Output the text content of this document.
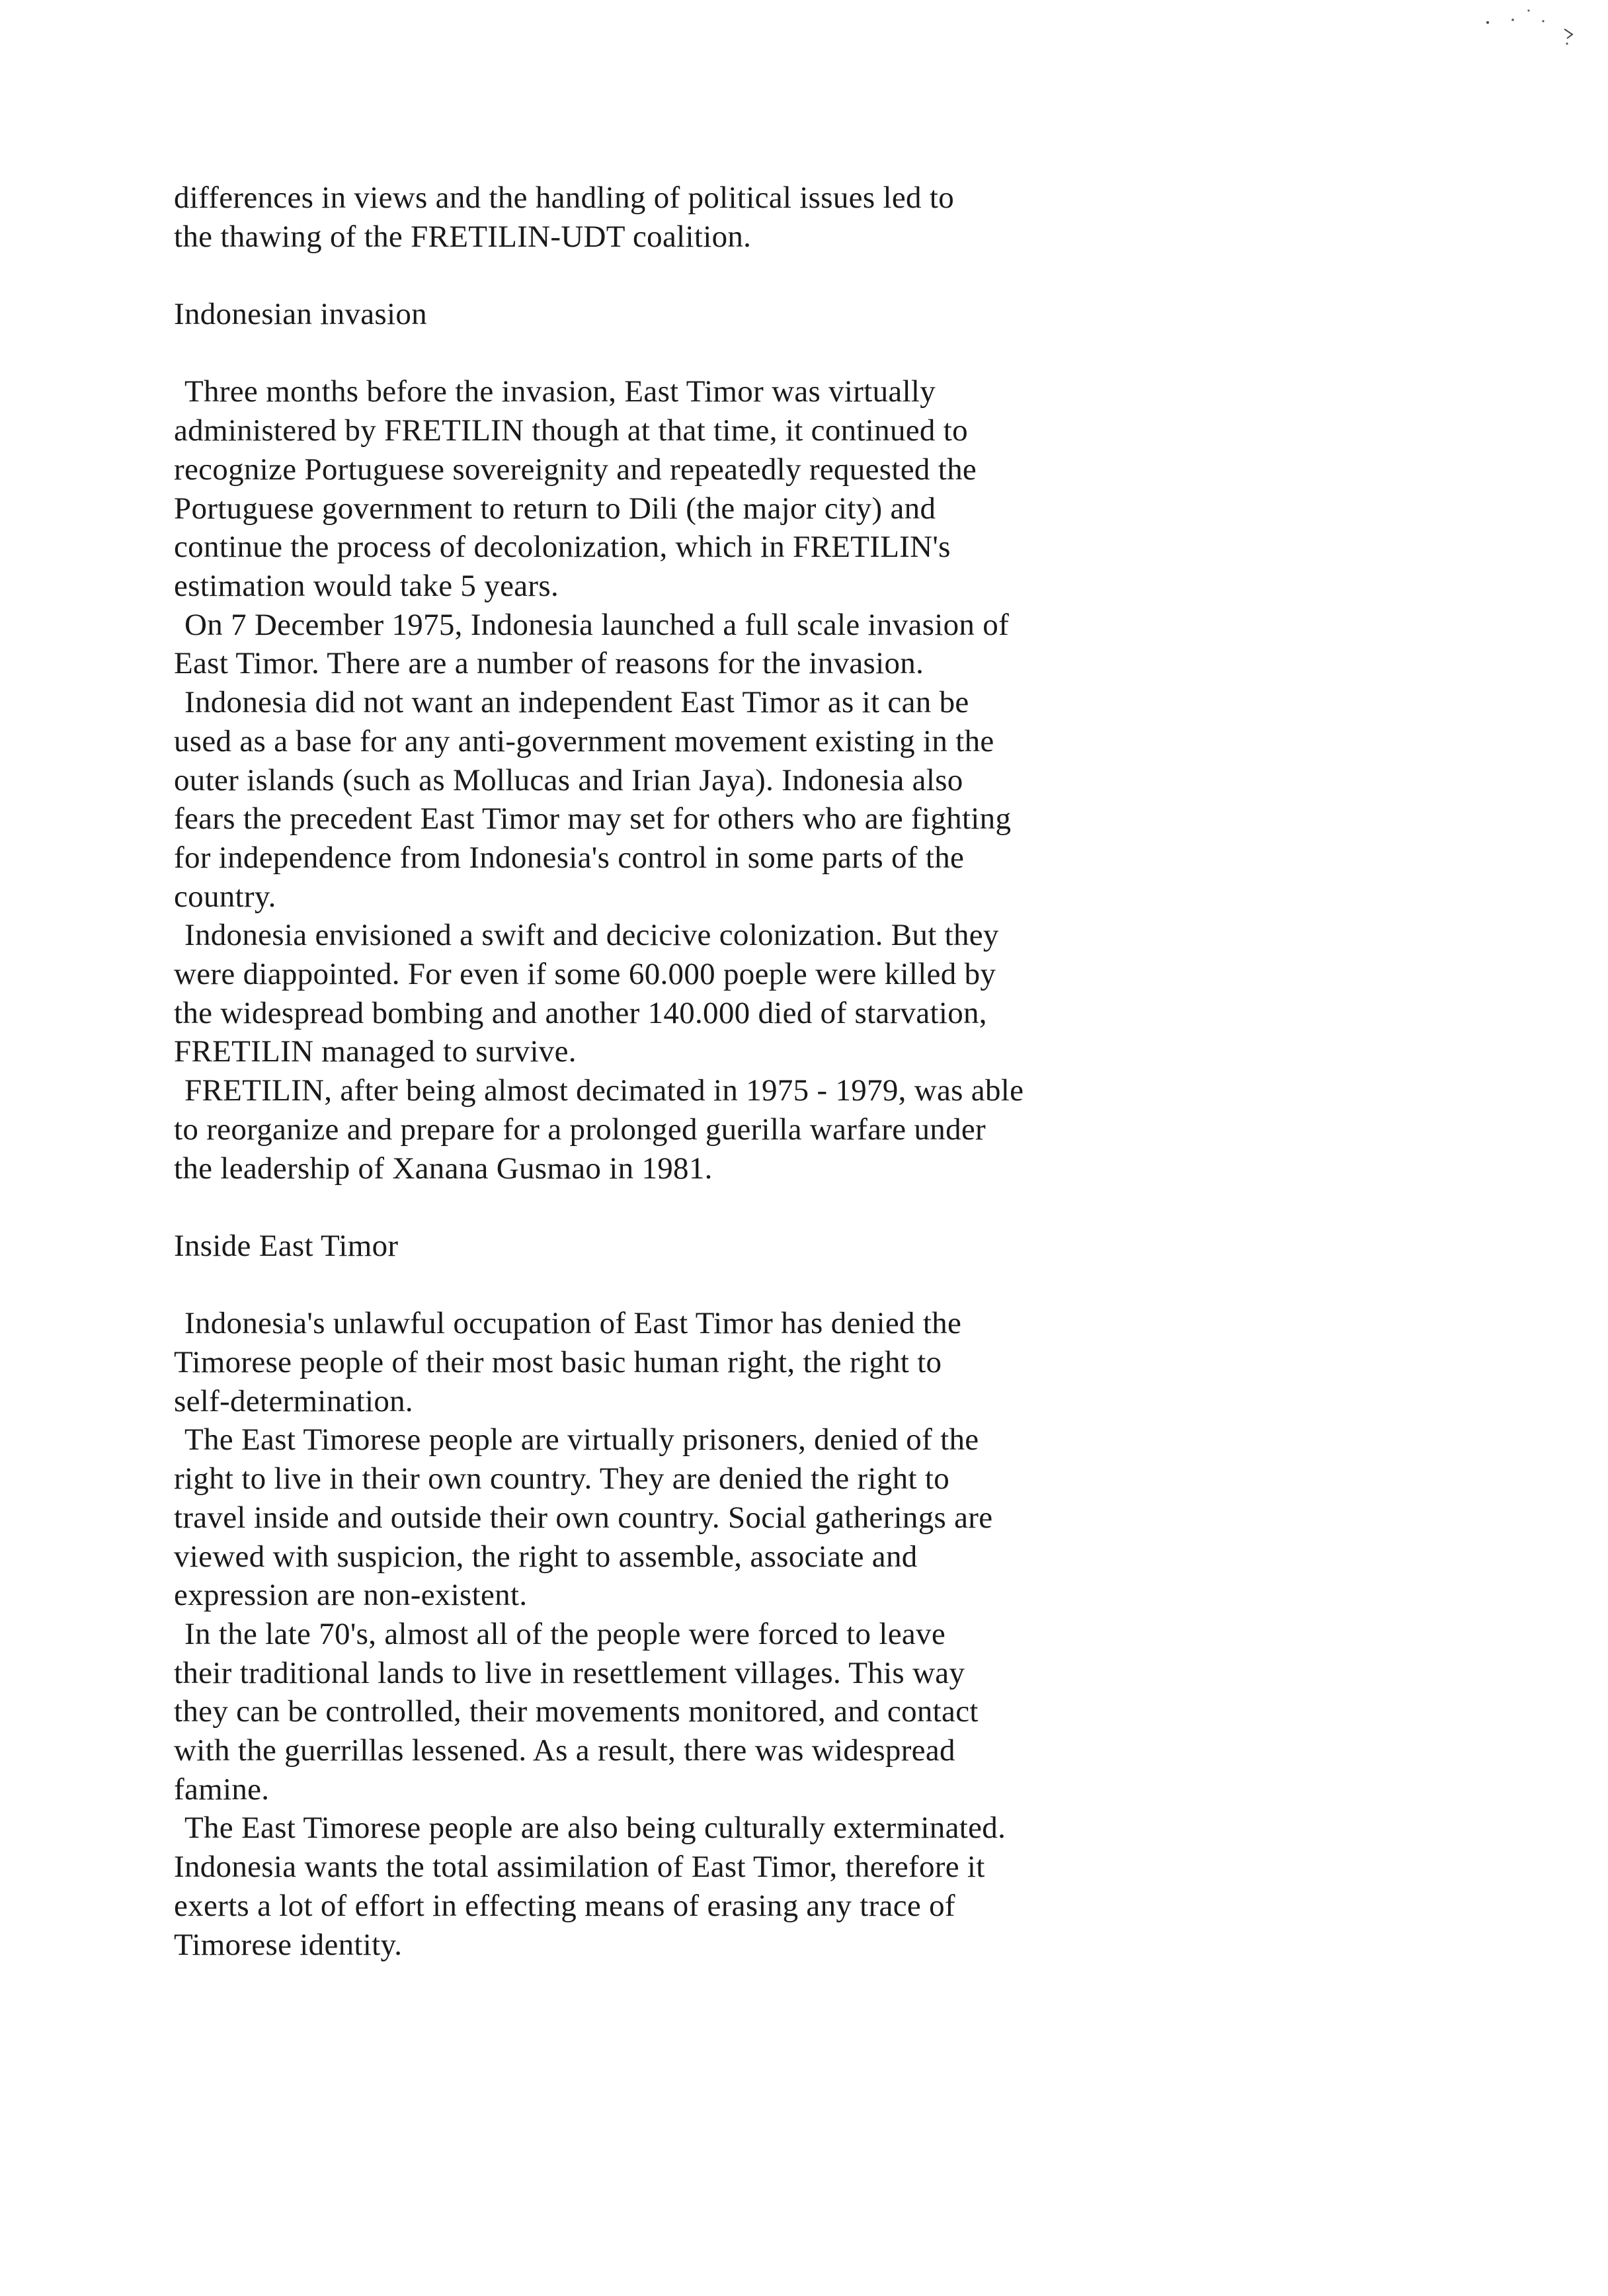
differences in views and the handling of political issues led to
the thawing of the FRETILIN-UDT coalition.
Indonesian invasion
Three months before the invasion, East Timor was virtually
administered by FRETILIN though at that time, it continued to
recognize Portuguese sovereignity and repeatedly requested the
Portuguese government to return to Dili (the major city) and
continue the process of decolonization, which in FRETILIN's
estimation would take 5 years.
On 7 December 1975, Indonesia launched a full scale invasion of
East Timor. There are a number of reasons for the invasion.
Indonesia did not want an independent East Timor as it can be
used as a base for any anti-government movement existing in the
outer islands (such as Mollucas and Irian Jaya). Indonesia also
fears the precedent East Timor may set for others who are fighting
for independence from Indonesia's control in some parts of the
country.
Indonesia envisioned a swift and decicive colonization. But they
were diappointed. For even if some 60.000 poeple were killed by
the widespread bombing and another 140.000 died of starvation,
FRETILIN managed to survive.
FRETILIN, after being almost decimated in 1975 - 1979, was able
to reorganize and prepare for a prolonged guerilla warfare under
the leadership of Xanana Gusmao in 1981.
Inside East Timor
Indonesia's unlawful occupation of East Timor has denied the
Timorese people of their most basic human right, the right to
self-determination.
The East Timorese people are virtually prisoners, denied of the
right to live in their own country. They are denied the right to
travel inside and outside their own country. Social gatherings are
viewed with suspicion, the right to assemble, associate and
expression are non-existent.
In the late 70's, almost all of the people were forced to leave
their traditional lands to live in resettlement villages. This way
they can be controlled, their movements monitored, and contact
with the guerrillas lessened. As a result, there was widespread
famine.
The East Timorese people are also being culturally exterminated.
Indonesia wants the total assimilation of East Timor, therefore it
exerts a lot of effort in effecting means of erasing any trace of
Timorese identity.
